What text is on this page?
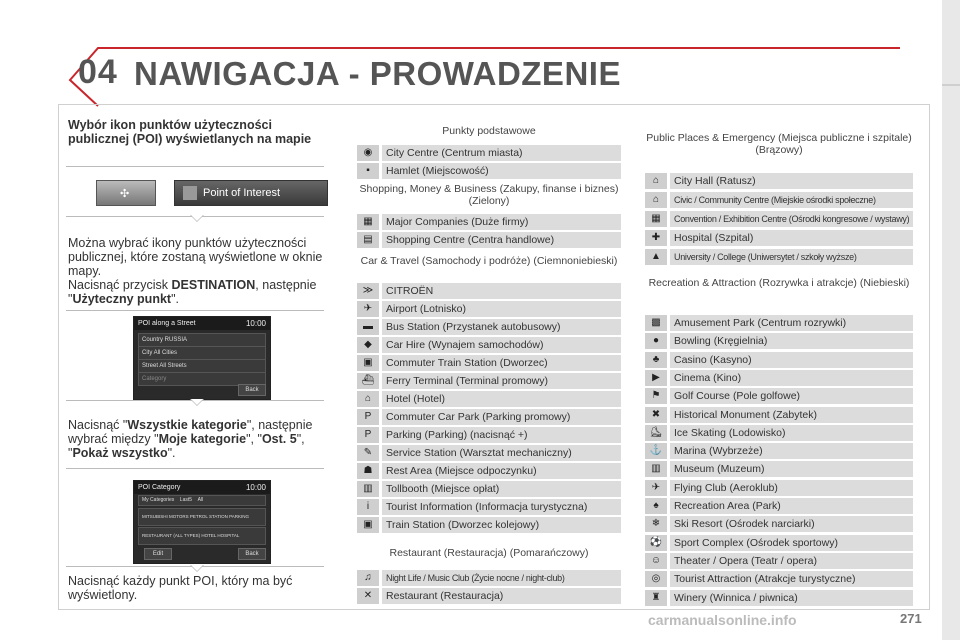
04 NAWIGACJA - PROWADZENIE
Wybór ikon punktów użyteczności publicznej (POI) wyświetlanych na mapie
✣	Point of Interest
Można wybrać ikony punktów użyteczności publicznej, które zostaną wyświetlone w oknie mapy.
Nacisnąć przycisk DESTINATION, następnie "Użyteczny punkt".
POI along a Street	10:00
Country RUSSIA
City All Cities
Street All Streets
Category
Back
Nacisnąć "Wszystkie kategorie", następnie wybrać między "Moje kategorie", "Ost. 5", "Pokaż wszystko".
POI Category	10:00
My Categories Last5 All
MITSUBISHI MOTORS PETROL STATION PARKING
RESTAURANT (ALL TYPES) HOTEL HOSPITAL
Edit	Back
Nacisnąć każdy punkt POI, który ma być wyświetlony.
Punkty podstawowe
◉	City Centre (Centrum miasta)
▪	Hamlet (Miejscowość)
Shopping, Money & Business (Zakupy, finanse i biznes) (Zielony)
▦	Major Companies (Duże firmy)
▤	Shopping Centre (Centra handlowe)
Car & Travel (Samochody i podróże) (Ciemnoniebieski)
≫	CITROËN
✈	Airport (Lotnisko)
▬	Bus Station (Przystanek autobusowy)
◆	Car Hire (Wynajem samochodów)
▣	Commuter Train Station (Dworzec)
⛴	Ferry Terminal (Terminal promowy)
⌂	Hotel (Hotel)
P	Commuter Car Park (Parking promowy)
P	Parking (Parking) (nacisnąć +)
✎	Service Station (Warsztat mechaniczny)
☗	Rest Area (Miejsce odpoczynku)
▥	Tollbooth (Miejsce opłat)
i	Tourist Information (Informacja turystyczna)
▣	Train Station (Dworzec kolejowy)
Restaurant (Restauracja) (Pomarańczowy)
♫	Night Life / Music Club (Życie nocne / night-club)
✕	Restaurant (Restauracja)
Public Places & Emergency (Miejsca publiczne i szpitale) (Brązowy)
⌂	City Hall (Ratusz)
⌂	Civic / Community Centre (Miejskie ośrodki społeczne)
▦	Convention / Exhibition Centre (Ośrodki kongresowe / wystawy)
✚	Hospital (Szpital)
▲	University / College (Uniwersytet / szkoły wyższe)
Recreation & Attraction (Rozrywka i atrakcje) (Niebieski)
▩	Amusement Park (Centrum rozrywki)
●	Bowling (Kręgielnia)
♣	Casino (Kasyno)
▶	Cinema (Kino)
⚑	Golf Course (Pole golfowe)
✖	Historical Monument (Zabytek)
⛸	Ice Skating (Lodowisko)
⚓	Marina (Wybrzeże)
▥	Museum (Muzeum)
✈	Flying Club (Aeroklub)
♠	Recreation Area (Park)
❄	Ski Resort (Ośrodek narciarki)
⚽	Sport Complex (Ośrodek sportowy)
☺	Theater / Opera (Teatr / opera)
◎	Tourist Attraction (Atrakcje turystyczne)
♜	Winery (Winnica / piwnica)
carmanualsonline.info	271
